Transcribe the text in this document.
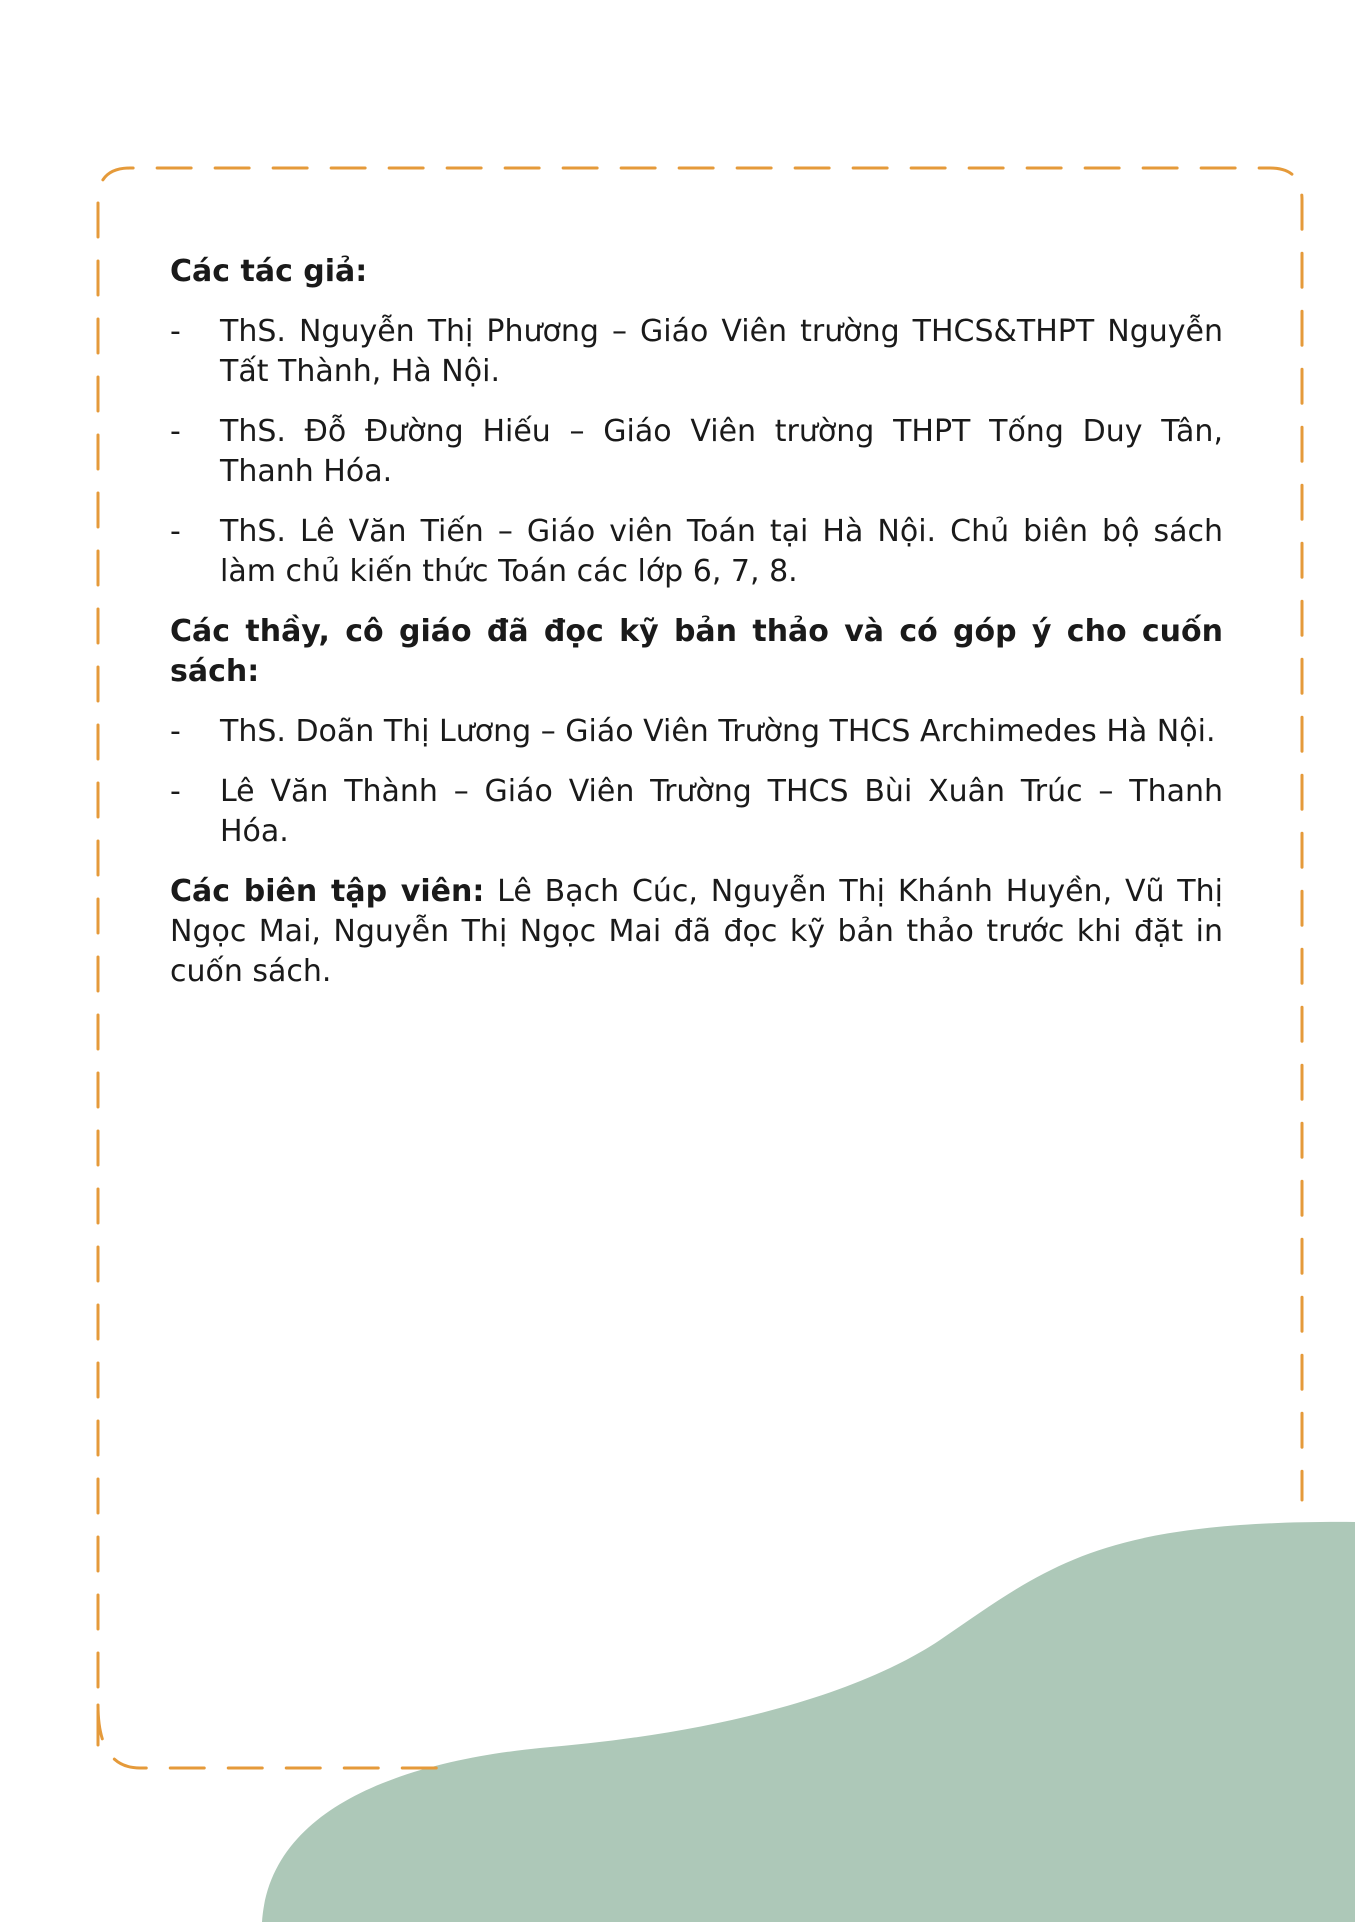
Các tác giả:

-	ThS. Nguyễn Thị Phương – Giáo Viên trường THCS&THPT Nguyễn Tất Thành, Hà Nội.
-	ThS. Đỗ Đường Hiếu – Giáo Viên trường THPT Tống Duy Tân, Thanh Hóa.
-	ThS. Lê Văn Tiến – Giáo viên Toán tại Hà Nội. Chủ biên bộ sách làm chủ kiến thức Toán các lớp 6, 7, 8.

Các thầy, cô giáo đã đọc kỹ bản thảo và có góp ý cho cuốn sách:

-	ThS. Doãn Thị Lương – Giáo Viên Trường THCS Archimedes Hà Nội.
-	Lê Văn Thành – Giáo Viên Trường THCS Bùi Xuân Trúc – Thanh Hóa.

Các biên tập viên: Lê Bạch Cúc, Nguyễn Thị Khánh Huyền, Vũ Thị Ngọc Mai, Nguyễn Thị Ngọc Mai đã đọc kỹ bản thảo trước khi đặt in cuốn sách.
